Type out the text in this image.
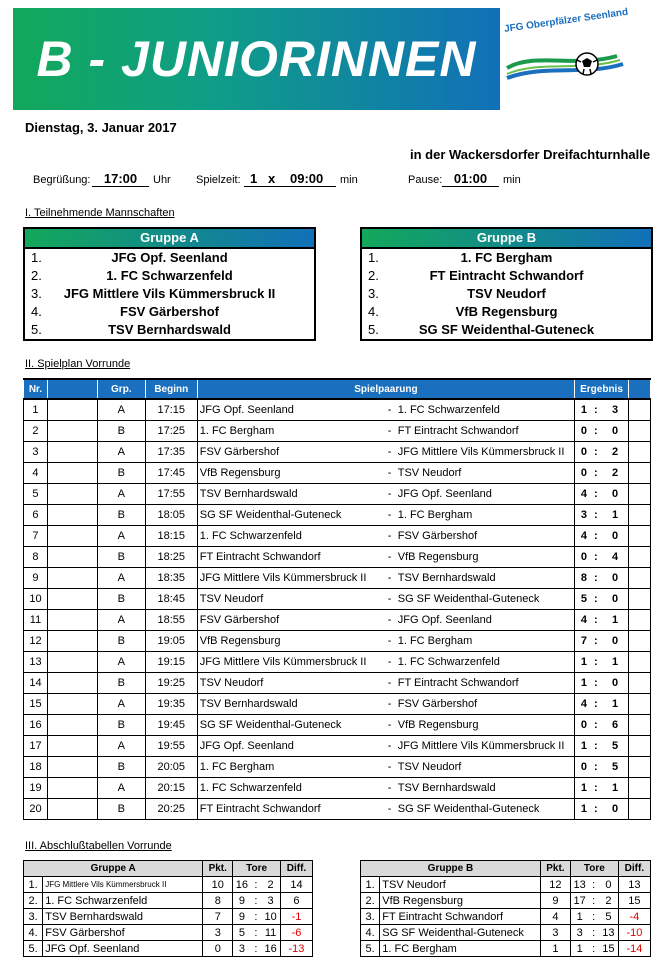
B - JUNIORINNEN
JFG Oberpfälzer Seenland
Dienstag, 3. Januar 2017
in der Wackersdorfer Dreifachturnhalle
Begrüßung:	17:00	Uhr Spielzeit: 1 x 09:00 min	Pause: 01:00	min
I. Teilnehmende Mannschaften
Gruppe A
1.	JFG Opf. Seenland
2.	1. FC Schwarzenfeld
3.	JFG Mittlere Vils Kümmersbruck II
4.	FSV Gärbershof
5.	TSV Bernhardswald
Gruppe B
1.	1. FC Bergham
2.	FT Eintracht Schwandorf
3.	TSV Neudorf
4.	VfB Regensburg
5.	SG SF Weidenthal-Guteneck
II. Spielplan Vorrunde
Nr.		Grp.	Beginn	Spielpaarung	Ergebnis	
1		A	17:15	JFG Opf. Seenland - 1. FC Schwarzenfeld	1 : 3	

2		B	17:25	1. FC Bergham - FT Eintracht Schwandorf	0 : 0	

3		A	17:35	FSV Gärbershof - JFG Mittlere Vils Kümmersbruck II	0 : 2	

4		B	17:45	VfB Regensburg - TSV Neudorf	0 : 2	

5		A	17:55	TSV Bernhardswald - JFG Opf. Seenland	4 : 0	

6		B	18:05	SG SF Weidenthal-Guteneck - 1. FC Bergham	3 : 1	

7		A	18:15	1. FC Schwarzenfeld - FSV Gärbershof	4 : 0	

8		B	18:25	FT Eintracht Schwandorf - VfB Regensburg	0 : 4	

9		A	18:35	JFG Mittlere Vils Kümmersbruck II - TSV Bernhardswald	8 : 0	

10		B	18:45	TSV Neudorf - SG SF Weidenthal-Guteneck	5 : 0	

11		A	18:55	FSV Gärbershof - JFG Opf. Seenland	4 : 1	

12		B	19:05	VfB Regensburg - 1. FC Bergham	7 : 0	

13		A	19:15	JFG Mittlere Vils Kümmersbruck II - 1. FC Schwarzenfeld	1 : 1	

14		B	19:25	TSV Neudorf - FT Eintracht Schwandorf	1 : 0	

15		A	19:35	TSV Bernhardswald - FSV Gärbershof	4 : 1	

16		B	19:45	SG SF Weidenthal-Guteneck - VfB Regensburg	0 : 6	

17		A	19:55	JFG Opf. Seenland - JFG Mittlere Vils Kümmersbruck II	1 : 5	

18		B	20:05	1. FC Bergham - TSV Neudorf	0 : 5	

19		A	20:15	1. FC Schwarzenfeld - TSV Bernhardswald	1 : 1	

20		B	20:25	FT Eintracht Schwandorf - SG SF Weidenthal-Guteneck	1 : 0	

III. Abschlußtabellen Vorrunde
Gruppe A		Pkt.	Tore			Diff.
1.	JFG Mittlere Vils Kümmersbruck II	10	16	:	2	14
2.	1. FC Schwarzenfeld	8	9	:	3	6
3.	TSV Bernhardswald	7	9	:	10	-1
4.	FSV Gärbershof	3	5	:	11	-6
5.	JFG Opf. Seenland	0	3	:	16	-13
Gruppe B		Pkt.	Tore			Diff.
1.	TSV Neudorf	12	13	:	0	13
2.	VfB Regensburg	9	17	:	2	15
3.	FT Eintracht Schwandorf	4	1	:	5	-4
4.	SG SF Weidenthal-Guteneck	3	3	:	13	-10
5.	1. FC Bergham	1	1	:	15	-14
